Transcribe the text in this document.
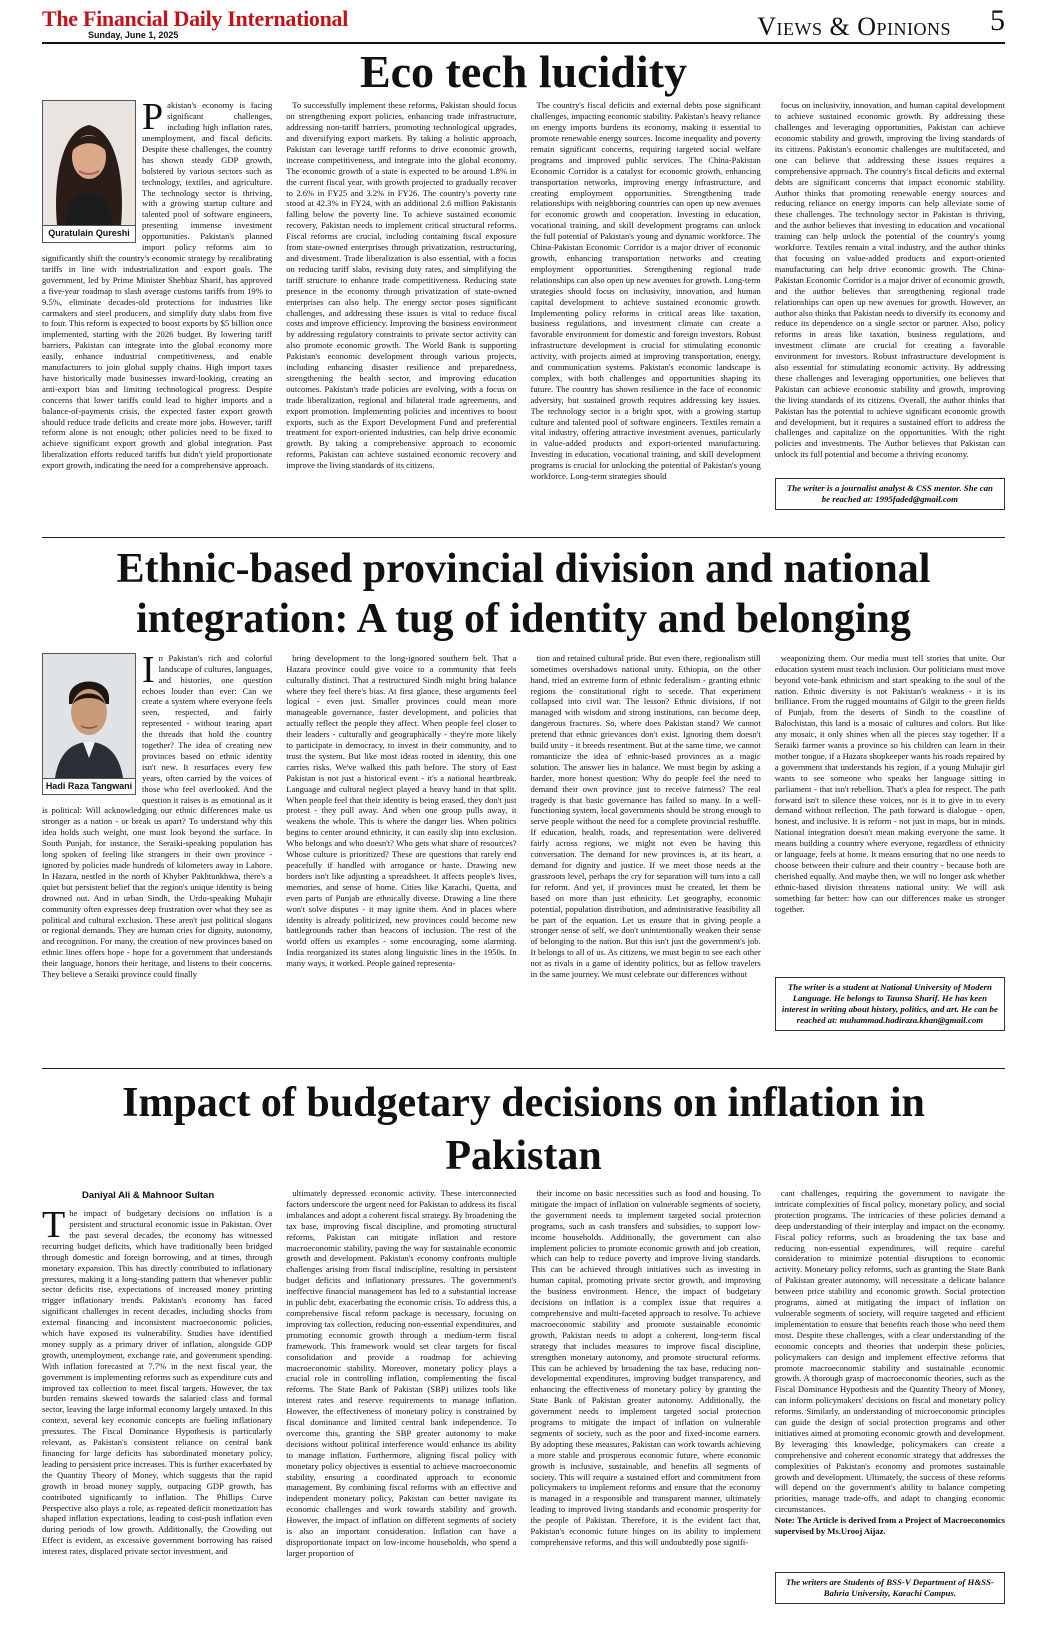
The Financial Daily International
Sunday, June 1, 2025	Views & Opinions 5
Eco tech lucidity
Quratulain Qureshi
P akistan's economy is facing significant challenges, including high inflation rates, unemployment, and fiscal deficits. Despite these challenges, the country has shown steady GDP growth, bolstered by various sectors such as technology, textiles, and agriculture. The technology sector is thriving, with a growing startup culture and talented pool of software engineers, presenting immense investment opportunities. Pakistan's planned import policy reforms aim to significantly shift the country's economic strategy by recalibrating tariffs in line with industrialization and export goals. The government, led by Prime Minister Shehbaz Sharif, has approved a five-year roadmap to slash average customs tariffs from 19% to 9.5%, eliminate decades-old protections for industries like carmakers and steel producers, and simplify duty slabs from five to four. This reform is expected to boost exports by $5 billion once implemented, starting with the 2026 budget. By lowering tariff barriers, Pakistan can integrate into the global economy more easily, enhance industrial competitiveness, and enable manufacturers to join global supply chains. High import taxes have historically made businesses inward-looking, creating an anti-export bias and limiting technological progress. Despite concerns that lower tariffs could lead to higher imports and a balance-of-payments crisis, the expected faster export growth should reduce trade deficits and create more jobs. However, tariff reform alone is not enough; other policies need to be fixed to achieve significant export growth and global integration. Past liberalization efforts reduced tariffs but didn't yield proportionate export growth, indicating the need for a comprehensive approach.

To successfully implement these reforms, Pakistan should focus on strengthening export policies, enhancing trade infrastructure, addressing non-tariff barriers, promoting technological upgrades, and diversifying export markets. By taking a holistic approach, Pakistan can leverage tariff reforms to drive economic growth, increase competitiveness, and integrate into the global economy. The economic growth of a state is expected to be around 1.8% in the current fiscal year, with growth projected to gradually recover to 2.6% in FY25 and 3.2% in FY26. The country's poverty rate stood at 42.3% in FY24, with an additional 2.6 million Pakistanis falling below the poverty line. To achieve sustained economic recovery, Pakistan needs to implement critical structural reforms. Fiscal reforms are crucial, including containing fiscal exposure from state-owned enterprises through privatization, restructuring, and divestment. Trade liberalization is also essential, with a focus on reducing tariff slabs, revising duty rates, and simplifying the tariff structure to enhance trade competitiveness. Reducing state presence in the economy through privatization of state-owned enterprises can also help. The energy sector poses significant challenges, and addressing these issues is vital to reduce fiscal costs and improve efficiency. Improving the business environment by addressing regulatory constraints to private sector activity can also promote economic growth. The World Bank is supporting Pakistan's economic development through various projects, including enhancing disaster resilience and preparedness, strengthening the health sector, and improving education outcomes. Pakistan's trade policies are evolving, with a focus on trade liberalization, regional and bilateral trade agreements, and export promotion. Implementing policies and incentives to boost exports, such as the Export Development Fund and preferential treatment for export-oriented industries, can help drive economic growth. By taking a comprehensive approach to economic reforms, Pakistan can achieve sustained economic recovery and improve the living standards of its citizens.

The country's fiscal deficits and external debts pose significant challenges, impacting economic stability. Pakistan's heavy reliance on energy imports burdens its economy, making it essential to promote renewable energy sources. Income inequality and poverty remain significant concerns, requiring targeted social welfare programs and improved public services. The China-Pakistan Economic Corridor is a catalyst for economic growth, enhancing transportation networks, improving energy infrastructure, and creating employment opportunities. Strengthening trade relationships with neighboring countries can open up new avenues for economic growth and cooperation. Investing in education, vocational training, and skill development programs can unlock the full potential of Pakistan's young and dynamic workforce. The China-Pakistan Economic Corridor is a major driver of economic growth, enhancing transportation networks and creating employment opportunities. Strengthening regional trade relationships can also open up new avenues for growth. Long-term strategies should focus on inclusivity, innovation, and human capital development to achieve sustained economic growth. Implementing policy reforms in critical areas like taxation, business regulations, and investment climate can create a favorable environment for domestic and foreign investors. Robust infrastructure development is crucial for stimulating economic activity, with projects aimed at improving transportation, energy, and communication systems. Pakistan's economic landscape is complex, with both challenges and opportunities shaping its future. The country has shown resilience in the face of economic adversity, but sustained growth requires addressing key issues. The technology sector is a bright spot, with a growing startup culture and talented pool of software engineers. Textiles remain a vital industry, offering attractive investment avenues, particularly in value-added products and export-oriented manufacturing. Investing in education, vocational training, and skill development programs is crucial for unlocking the potential of Pakistan's young workforce. Long-term strategies should

focus on inclusivity, innovation, and human capital development to achieve sustained economic growth. By addressing these challenges and leveraging opportunities, Pakistan can achieve economic stability and growth, improving the living standards of its citizens. Pakistan's economic challenges are multifaceted, and one can believe that addressing these issues requires a comprehensive approach. The country's fiscal deficits and external debts are significant concerns that impact economic stability. Author thinks that promoting renewable energy sources and reducing reliance on energy imports can help alleviate some of these challenges. The technology sector in Pakistan is thriving, and the author believes that investing in education and vocational training can help unlock the potential of the country's young workforce. Textiles remain a vital industry, and the author thinks that focusing on value-added products and export-oriented manufacturing can help drive economic growth. The China-Pakistan Economic Corridor is a major driver of economic growth, and the author believes that strengthening regional trade relationships can open up new avenues for growth. However, an author also thinks that Pakistan needs to diversify its economy and reduce its dependence on a single sector or partner. Also, policy reforms in areas like taxation, business regulations, and investment climate are crucial for creating a favorable environment for investors. Robust infrastructure development is also essential for stimulating economic activity. By addressing these challenges and leveraging opportunities, one believes that Pakistan can achieve economic stability and growth, improving the living standards of its citizens. Overall, the author thinks that Pakistan has the potential to achieve significant economic growth and development, but it requires a sustained effort to address the challenges and capitalize on the opportunities. With the right policies and investments. The Author believes that Pakistan can unlock its full potential and become a thriving economy.

The writer is a journalist analyst & CSS mentor. She can be reached at: 1995faded@gmail.com
Ethnic-based provincial division and national integration: A tug of identity and belonging
Hadi Raza Tangwani
I n Pakistan's rich and colorful landscape of cultures, languages, and histories, one question echoes louder than ever: Can we create a system where everyone feels seen, respected, and fairly represented - without tearing apart the threads that hold the country together? The idea of creating new provinces based on ethnic identity isn't new. It resurfaces every few years, often carried by the voices of those who feel overlooked. And the question it raises is as emotional as it is political: Will acknowledging our ethnic differences make us stronger as a nation - or break us apart? To understand why this idea holds such weight, one must look beyond the surface. In South Punjab, for instance, the Seraiki-speaking population has long spoken of feeling like strangers in their own province - ignored by policies made hundreds of kilometers away in Lahore. In Hazara, nestled in the north of Khyber Pakhtunkhwa, there's a quiet but persistent belief that the region's unique identity is being drowned out. And in urban Sindh, the Urdu-speaking Muhajir community often expresses deep frustration over what they see as political and cultural exclusion. These aren't just political slogans or regional demands. They are human cries for dignity, autonomy, and recognition. For many, the creation of new provinces based on ethnic lines offers hope - hope for a government that understands their language, honors their heritage, and listens to their concerns. They believe a Seraiki province could finally

bring development to the long-ignored southern belt. That a Hazara province could give voice to a community that feels culturally distinct. That a restructured Sindh might bring balance where they feel there's bias. At first glance, these arguments feel logical - even just. Smaller provinces could mean more manageable governance, faster development, and policies that actually reflect the people they affect. When people feel closer to their leaders - culturally and geographically - they're more likely to participate in democracy, to invest in their community, and to trust the system. But like most ideas rooted in identity, this one carries risks. We've walked this path before. The story of East Pakistan is not just a historical event - it's a national heartbreak. Language and cultural neglect played a heavy hand in that split. When people feel that their identity is being erased, they don't just protest - they pull away. And when one group pulls away, it weakens the whole. This is where the danger lies. When politics begins to center around ethnicity, it can easily slip into exclusion. Who belongs and who doesn't? Who gets what share of resources? Whose culture is prioritized? These are questions that rarely end peacefully if handled with arrogance or haste. Drawing new borders isn't like adjusting a spreadsheet. It affects people's lives, memories, and sense of home. Cities like Karachi, Quetta, and even parts of Punjab are ethnically diverse. Drawing a line there won't solve disputes - it may ignite them. And in places where identity is already politicized, new provinces could become new battlegrounds rather than beacons of inclusion. The rest of the world offers us examples - some encouraging, some alarming. India reorganized its states along linguistic lines in the 1950s. In many ways, it worked. People gained representa-

tion and retained cultural pride. But even there, regionalism still sometimes overshadows national unity. Ethiopia, on the other hand, tried an extreme form of ethnic federalism - granting ethnic regions the constitutional right to secede. That experiment collapsed into civil war. The lesson? Ethnic divisions, if not managed with wisdom and strong institutions, can become deep, dangerous fractures. So, where does Pakistan stand? We cannot pretend that ethnic grievances don't exist. Ignoring them doesn't build unity - it breeds resentment. But at the same time, we cannot romanticize the idea of ethnic-based provinces as a magic solution. The answer lies in balance. We must begin by asking a harder, more honest question: Why do people feel the need to demand their own province just to receive fairness? The real tragedy is that basic governance has failed so many. In a well-functioning system, local governments should be strong enough to serve people without the need for a complete provincial reshuffle. If education, health, roads, and representation were delivered fairly across regions, we might not even be having this conversation. The demand for new provinces is, at its heart, a demand for dignity and justice. If we meet those needs at the grassroots level, perhaps the cry for separation will turn into a call for reform. And yet, if provinces must be created, let them be based on more than just ethnicity. Let geography, economic potential, population distribution, and administrative feasibility all be part of the equation. Let us ensure that in giving people a stronger sense of self, we don't unintentionally weaken their sense of belonging to the nation. But this isn't just the government's job. It belongs to all of us. As citizens, we must begin to see each other not as rivals in a game of identity politics, but as fellow travelers in the same journey. We must celebrate our differences without

weaponizing them. Our media must tell stories that unite. Our education system must teach inclusion. Our politicians must move beyond vote-bank ethnicism and start speaking to the soul of the nation. Ethnic diversity is not Pakistan's weakness - it is its brilliance. From the rugged mountains of Gilgit to the green fields of Punjab, from the deserts of Sindh to the coastline of Balochistan, this land is a mosaic of cultures and colors. But like any mosaic, it only shines when all the pieces stay together. If a Seraiki farmer wants a province so his children can learn in their mother tongue, if a Hazara shopkeeper wants his roads repaired by a government that understands his region, if a young Muhajir girl wants to see someone who speaks her language sitting in parliament - that isn't rebellion. That's a plea for respect. The path forward isn't to silence these voices, nor is it to give in to every demand without reflection. The path forward is dialogue - open, honest, and inclusive. It is reform - not just in maps, but in minds. National integration doesn't mean making everyone the same. It means building a country where everyone, regardless of ethnicity or language, feels at home. It means ensuring that no one needs to choose between their culture and their country - because both are cherished equally. And maybe then, we will no longer ask whether ethnic-based division threatens national unity. We will ask something far better: how can our differences make us stronger together.

The writer is a student at National University of Modern Language. He belongs to Taunsa Sharif. He has keen interest in writing about history, politics, and art. He can be reached at: muhammad.hadiraza.khan@gmail.com
Impact of budgetary decisions on inflation in Pakistan
Daniyal Ali & Mahnoor Sultan
T he impact of budgetary decisions on inflation is a persistent and structural economic issue in Pakistan. Over the past several decades, the economy has witnessed recurring budget deficits, which have traditionally been bridged through domestic and foreign borrowing, and at times, through monetary expansion. This has directly contributed to inflationary pressures, making it a long-standing pattern that whenever public sector deficits rise, expectations of increased money printing trigger inflationary trends. Pakistan's economy has faced significant challenges in recent decades, including shocks from external financing and inconsistent macroeconomic policies, which have exposed its vulnerability. Studies have identified money supply as a primary driver of inflation, alongside GDP growth, unemployment, exchange rate, and government spending. With inflation forecasted at 7.7% in the next fiscal year, the government is implementing reforms such as expenditure cuts and improved tax collection to meet fiscal targets. However, the tax burden remains skewed towards the salaried class and formal sector, leaving the large informal economy largely untaxed. In this context, several key economic concepts are fueling inflationary pressures. The Fiscal Dominance Hypothesis is particularly relevant, as Pakistan's consistent reliance on central bank financing for large deficits has subordinated monetary policy, leading to persistent price increases. This is further exacerbated by the Quantity Theory of Money, which suggests that the rapid growth in broad money supply, outpacing GDP growth, has contributed significantly to inflation. The Phillips Curve Perspective also plays a role, as repeated deficit monetization has shaped inflation expectations, leading to cost-push inflation even during periods of low growth. Additionally, the Crowding out Effect is evident, as excessive government borrowing has raised interest rates, displaced private sector investment, and

ultimately depressed economic activity. These interconnected factors underscore the urgent need for Pakistan to address its fiscal imbalances and adopt a coherent fiscal strategy. By broadening the tax base, improving fiscal discipline, and promoting structural reforms, Pakistan can mitigate inflation and restore macroeconomic stability, paving the way for sustainable economic growth and development. Pakistan's economy confronts multiple challenges arising from fiscal indiscipline, resulting in persistent budget deficits and inflationary pressures. The government's ineffective financial management has led to a substantial increase in public debt, exacerbating the economic crisis. To address this, a comprehensive fiscal reform package is necessary, focusing on improving tax collection, reducing non-essential expenditures, and promoting economic growth through a medium-term fiscal framework. This framework would set clear targets for fiscal consolidation and provide a roadmap for achieving macroeconomic stability. Moreover, monetary policy plays a crucial role in controlling inflation, complementing the fiscal reforms. The State Bank of Pakistan (SBP) utilizes tools like interest rates and reserve requirements to manage inflation. However, the effectiveness of monetary policy is constrained by fiscal dominance and limited central bank independence. To overcome this, granting the SBP greater autonomy to make decisions without political interference would enhance its ability to manage inflation. Furthermore, aligning fiscal policy with monetary policy objectives is essential to achieve macroeconomic stability, ensuring a coordinated approach to economic management. By combining fiscal reforms with an effective and independent monetary policy, Pakistan can better navigate its economic challenges and work towards stability and growth. However, the impact of inflation on different segments of society is also an important consideration. Inflation can have a disproportionate impact on low-income households, who spend a larger proportion of

their income on basic necessities such as food and housing. To mitigate the impact of inflation on vulnerable segments of society, the government needs to implement targeted social protection programs, such as cash transfers and subsidies, to support low-income households. Additionally, the government can also implement policies to promote economic growth and job creation, which can help to reduce poverty and improve living standards. This can be achieved through initiatives such as investing in human capital, promoting private sector growth, and improving the business environment. Hence, the impact of budgetary decisions on inflation is a complex issue that requires a comprehensive and multi-faceted approach to resolve. To achieve macroeconomic stability and promote sustainable economic growth, Pakistan needs to adopt a coherent, long-term fiscal strategy that includes measures to improve fiscal discipline, strengthen monetary autonomy, and promote structural reforms. This can be achieved by broadening the tax base, reducing non-developmental expenditures, improving budget transparency, and enhancing the effectiveness of monetary policy by granting the State Bank of Pakistan greater autonomy. Additionally, the government needs to implement targeted social protection programs to mitigate the impact of inflation on vulnerable segments of society, such as the poor and fixed-income earners. By adopting these measures, Pakistan can work towards achieving a more stable and prosperous economic future, where economic growth is inclusive, sustainable, and benefits all segments of society. This will require a sustained effort and commitment from policymakers to implement reforms and ensure that the economy is managed in a responsible and transparent manner, ultimately leading to improved living standards and economic prosperity for the people of Pakistan. Therefore, it is the evident fact that, Pakistan's economic future hinges on its ability to implement comprehensive reforms, and this will undoubtedly pose signifi-

cant challenges, requiring the government to navigate the intricate complexities of fiscal policy, monetary policy, and social protection programs. The intricacies of these policies demand a deep understanding of their interplay and impact on the economy. Fiscal policy reforms, such as broadening the tax base and reducing non-essential expenditures, will require careful consideration to minimize potential disruptions to economic activity. Monetary policy reforms, such as granting the State Bank of Pakistan greater autonomy, will necessitate a delicate balance between price stability and economic growth. Social protection programs, aimed at mitigating the impact of inflation on vulnerable segments of society, will require targeted and efficient implementation to ensure that benefits reach those who need them most. Despite these challenges, with a clear understanding of the economic concepts and theories that underpin these policies, policymakers can design and implement effective reforms that promote macroeconomic stability and sustainable economic growth. A thorough grasp of macroeconomic theories, such as the Fiscal Dominance Hypothesis and the Quantity Theory of Money, can inform policymakers' decisions on fiscal and monetary policy reforms. Similarly, an understanding of microeconomic principles can guide the design of social protection programs and other initiatives aimed at promoting economic growth and development. By leveraging this knowledge, policymakers can create a comprehensive and coherent economic strategy that addresses the complexities of Pakistan's economy and promotes sustainable growth and development. Ultimately, the success of these reforms will depend on the government's ability to balance competing priorities, manage trade-offs, and adapt to changing economic circumstances.

Note: The Article is derived from a Project of Macroeconomics supervised by Ms.Urooj Aijaz.

The writers are Students of BSS-V Department of H&SS- Bahria University, Karachi Campus.
